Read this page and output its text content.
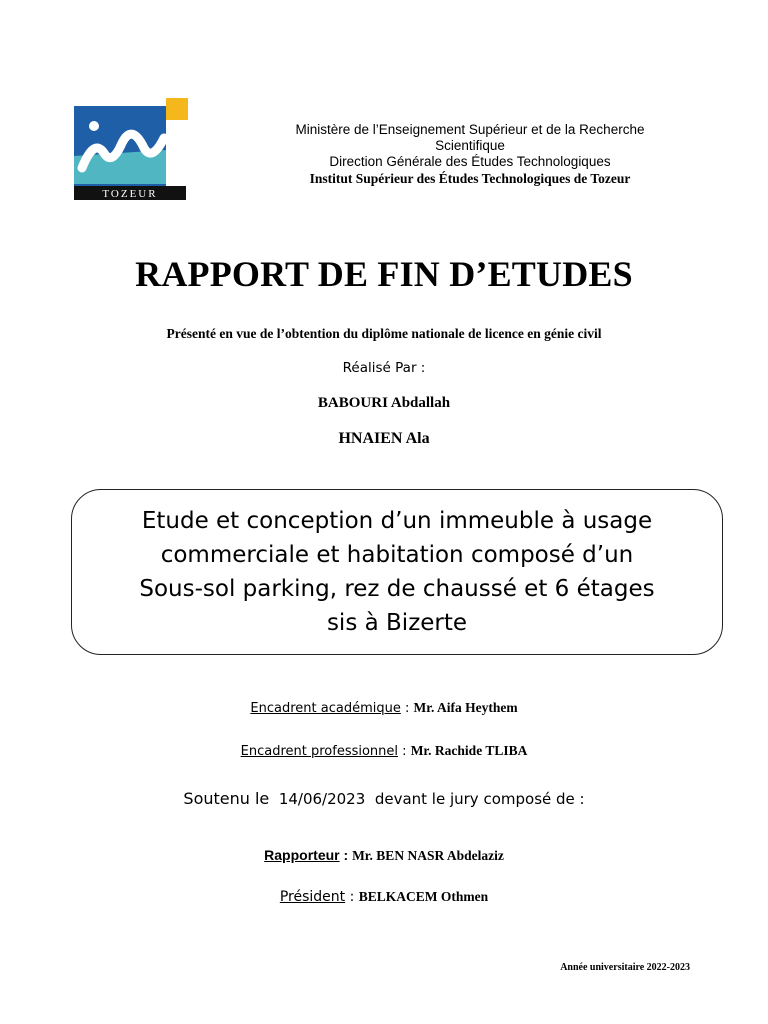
TOZEUR
Ministère de l’Enseignement Supérieur et de la Recherche
Scientifique
Direction Générale des Études Technologiques
Institut Supérieur des Études Technologiques de Tozeur
RAPPORT DE FIN D’ETUDES
Présenté en vue de l’obtention du diplôme nationale de licence en génie civil
Réalisé Par :
BABOURI Abdallah
HNAIEN Ala
Etude et conception d’un immeuble à usage
commerciale et habitation composé d’un
Sous-sol parking, rez de chaussé et 6 étages
sis à Bizerte
Encadrent académique : Mr. Aifa Heythem
Encadrent professionnel : Mr. Rachide TLIBA
Soutenu le 14/06/2023 devant le jury composé de :
Rapporteur : Mr. BEN NASR Abdelaziz
Président : BELKACEM Othmen
Année universitaire 2022-2023
